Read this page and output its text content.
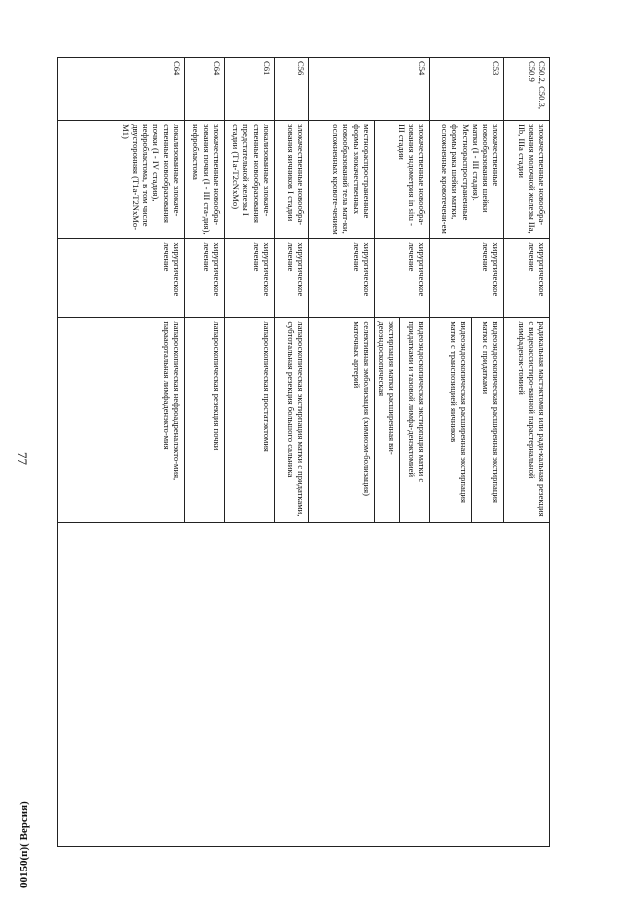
77
00150(п)( Версия)
С50.2, С50.3, С50.9	злокачественные новообра-зования молочной железы IIa, IIb, IIIa стадии	хирургическое лечение	радикальная мастэктомия или ради-кальная резекция с видеоассистиро-ванной парастернальной лимфаденэк-томией	
С53	злокачественные новообразования шейки матки (I - III стадия). Местнораспространенные формы рака шейки матки, осложненные кровотечени-ем	хирургическое лечение	видеоэндоскопическая расширенная экстирпация матки с придатками	
			видеоэндоскопическая расширенная экстирпация матки с транспозицией яичников	
С54	злокачественные новообра-зования эндометрия in situ - III стадии	хирургическое лечение	видеоэндоскопическая экстирпация матки с придатками и тазовой лимфа-денэктомией	
			экстирпация матки расширенная ви-деоэндоскопическая	
	местнораспространенные формы злокачественных новообразований тела мат-ки, осложненных кровоте-чением	хирургическое лечение	селективная эмболизация (химиоэм-болизация) маточных артерий	
С56	злокачественные новообра-зования яичников I стадии	хирургическое лечение	лапароскопическая экстирпация матки с придатками, субтотальная резекция большого сальника	
С61	локализованные злокаче-ственные новообразования предстательной железы I стадии (T1a-T2cNxMo)	хирургическое лечение	лапароскопическая простатэктомия	
С64	злокачественные новообра-зования почки (I - III ста-дия), нефробластома	хирургическое лечение	лапароскопическая резекция почки	
С64	локализованные злокаче-ственные новообразования почки (I - IV стадия), нефробластома, в том числе двусторонняя (T1a-T2NxMo-M1)	хирургическое лечение	лапароскопическая нефроадреналэкто-мия, парааортальная лимфаденэкто-мия	
